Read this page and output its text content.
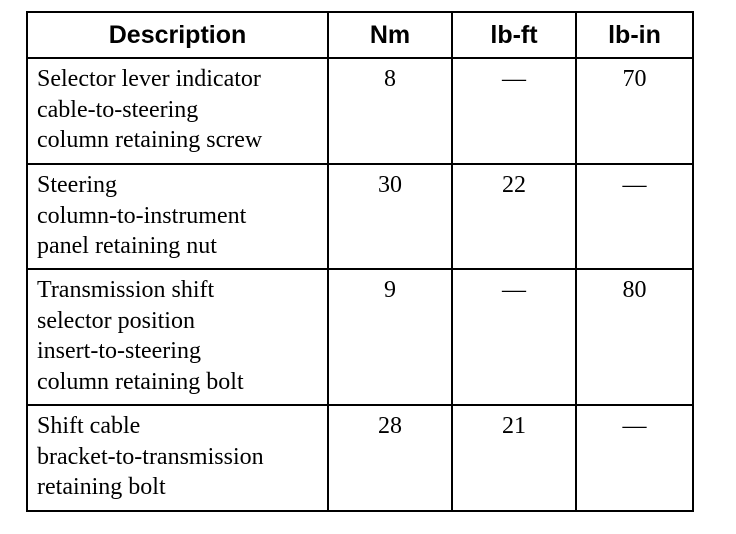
Description	Nm	lb-ft	lb-in

Selector lever indicator
cable-to-steering
column retaining screw	8	—	70

Steering
column-to-instrument
panel retaining nut	30	22	—

Transmission shift
selector position
insert-to-steering
column retaining bolt	9	—	80

Shift cable
bracket-to-transmission
retaining bolt	28	21	—
